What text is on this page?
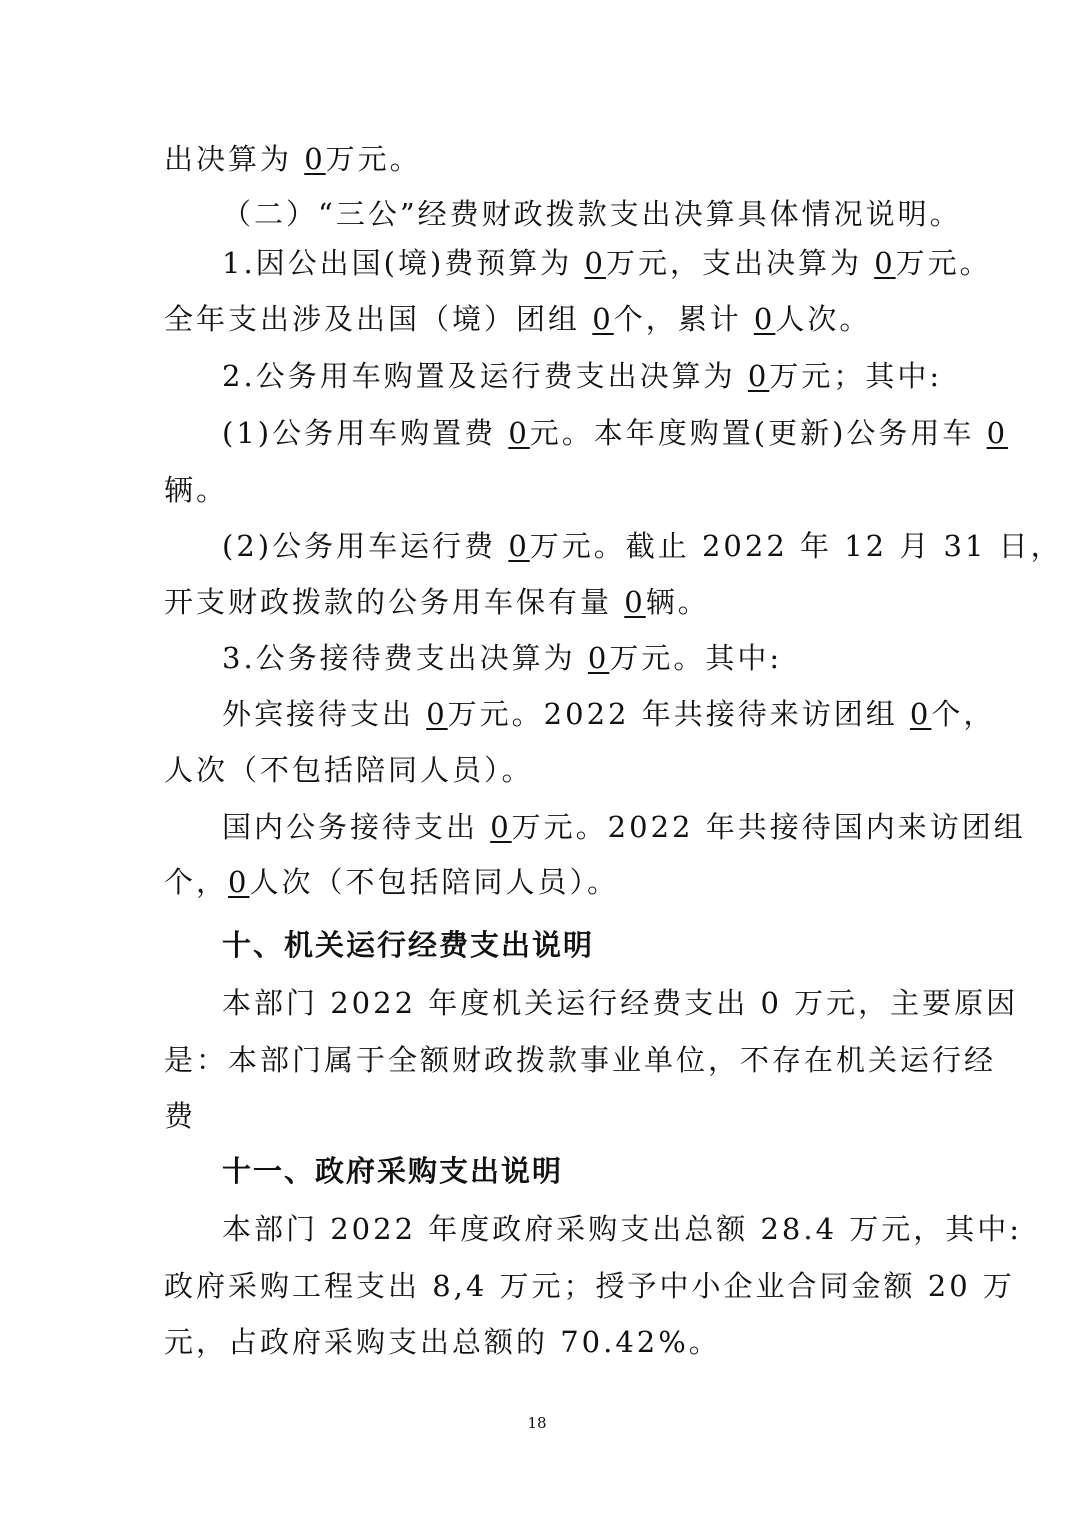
出决算为 0万元。
（二）“三公”经费财政拨款支出决算具体情况说明。
1.因公出国(境)费预算为 0万元，支出决算为 0万元。
全年支出涉及出国（境）团组 0个，累计 0人次。
2.公务用车购置及运行费支出决算为 0万元；其中:
(1)公务用车购置费 0元。本年度购置(更新)公务用车 0
辆。
(2)公务用车运行费 0万元。截止 2022 年 12 月 31 日，
开支财政拨款的公务用车保有量 0辆。
3.公务接待费支出决算为 0万元。其中:
外宾接待支出 0万元。2022 年共接待来访团组 0个，
人次（不包括陪同人员）。
国内公务接待支出 0万元。2022 年共接待国内来访团组
个，0人次（不包括陪同人员）。
十、机关运行经费支出说明
本部门 2022 年度机关运行经费支出 0 万元，主要原因
是：本部门属于全额财政拨款事业单位，不存在机关运行经
费
十一、政府采购支出说明
本部门 2022 年度政府采购支出总额 28.4 万元，其中:
政府采购工程支出 8,4 万元；授予中小企业合同金额 20 万
元，占政府采购支出总额的 70.42%。
18
